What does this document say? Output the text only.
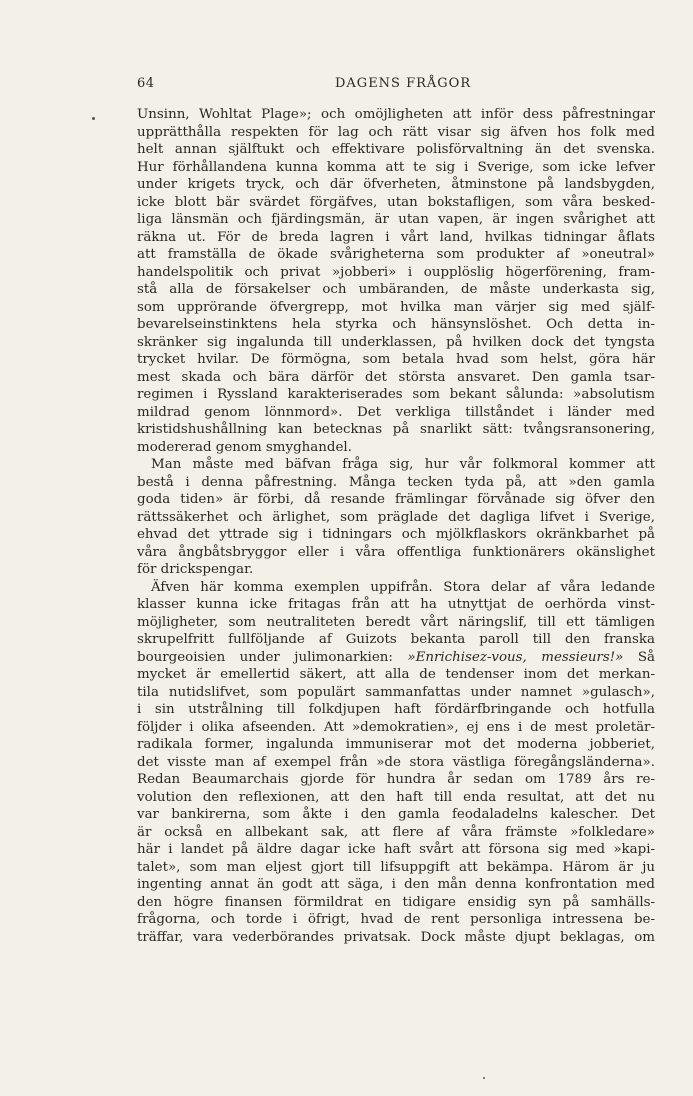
64	DAGENS FRÅGOR
Unsinn, Wohltat Plage»; och omöjligheten att inför dess påfrestningar
upprätthålla respekten för lag och rätt visar sig äfven hos folk med
helt annan själftukt och effektivare polisförvaltning än det svenska.
Hur förhållandena kunna komma att te sig i Sverige, som icke lefver
under krigets tryck, och där öfverheten, åtminstone på landsbygden,
icke blott bär svärdet förgäfves, utan bokstafligen, som våra besked-
liga länsmän och fjärdingsmän, är utan vapen, är ingen svårighet att
räkna ut. För de breda lagren i vårt land, hvilkas tidningar åflats
att framställa de ökade svårigheterna som produkter af »oneutral»
handelspolitik och privat »jobberi» i oupplöslig högerförening, fram-
stå alla de försakelser och umbäranden, de måste underkasta sig,
som upprörande öfvergrepp, mot hvilka man värjer sig med själf-
bevarelseinstinktens hela styrka och hänsynslöshet. Och detta in-
skränker sig ingalunda till underklassen, på hvilken dock det tyngsta
trycket hvilar. De förmögna, som betala hvad som helst, göra här
mest skada och bära därför det största ansvaret. Den gamla tsar-
regimen i Ryssland karakteriserades som bekant sålunda: »absolutism
mildrad genom lönnmord». Det verkliga tillståndet i länder med
kristidshushållning kan betecknas på snarlikt sätt: tvångsransonering,
modererad genom smyghandel.
Man måste med bäfvan fråga sig, hur vår folkmoral kommer att
bestå i denna påfrestning. Många tecken tyda på, att »den gamla
goda tiden» är förbi, då resande främlingar förvånade sig öfver den
rättssäkerhet och ärlighet, som präglade det dagliga lifvet i Sverige,
ehvad det yttrade sig i tidningars och mjölkflaskors okränkbarhet på
våra ångbåtsbryggor eller i våra offentliga funktionärers okänslighet
för drickspengar.
Äfven här komma exemplen uppifrån. Stora delar af våra ledande
klasser kunna icke fritagas från att ha utnyttjat de oerhörda vinst-
möjligheter, som neutraliteten beredt vårt näringslif, till ett tämligen
skrupelfritt fullföljande af Guizots bekanta paroll till den franska
bourgeoisien under julimonarkien: »Enrichisez-vous, messieurs!» Så
mycket är emellertid säkert, att alla de tendenser inom det merkan-
tila nutidslifvet, som populärt sammanfattas under namnet »gulasch»,
i sin utstrålning till folkdjupen haft fördärfbringande och hotfulla
följder i olika afseenden. Att »demokratien», ej ens i de mest proletär-
radikala former, ingalunda immuniserar mot det moderna jobberiet,
det visste man af exempel från »de stora västliga föregångsländerna».
Redan Beaumarchais gjorde för hundra år sedan om 1789 års re-
volution den reflexionen, att den haft till enda resultat, att det nu
var bankirerna, som åkte i den gamla feodaladelns kalescher. Det
är också en allbekant sak, att flere af våra främste »folkledare»
här i landet på äldre dagar icke haft svårt att försona sig med »kapi-
talet», som man eljest gjort till lifsuppgift att bekämpa. Härom är ju
ingenting annat än godt att säga, i den mån denna konfrontation med
den högre finansen förmildrat en tidigare ensidig syn på samhälls-
frågorna, och torde i öfrigt, hvad de rent personliga intressena be-
träffar, vara vederbörandes privatsak. Dock måste djupt beklagas, om
